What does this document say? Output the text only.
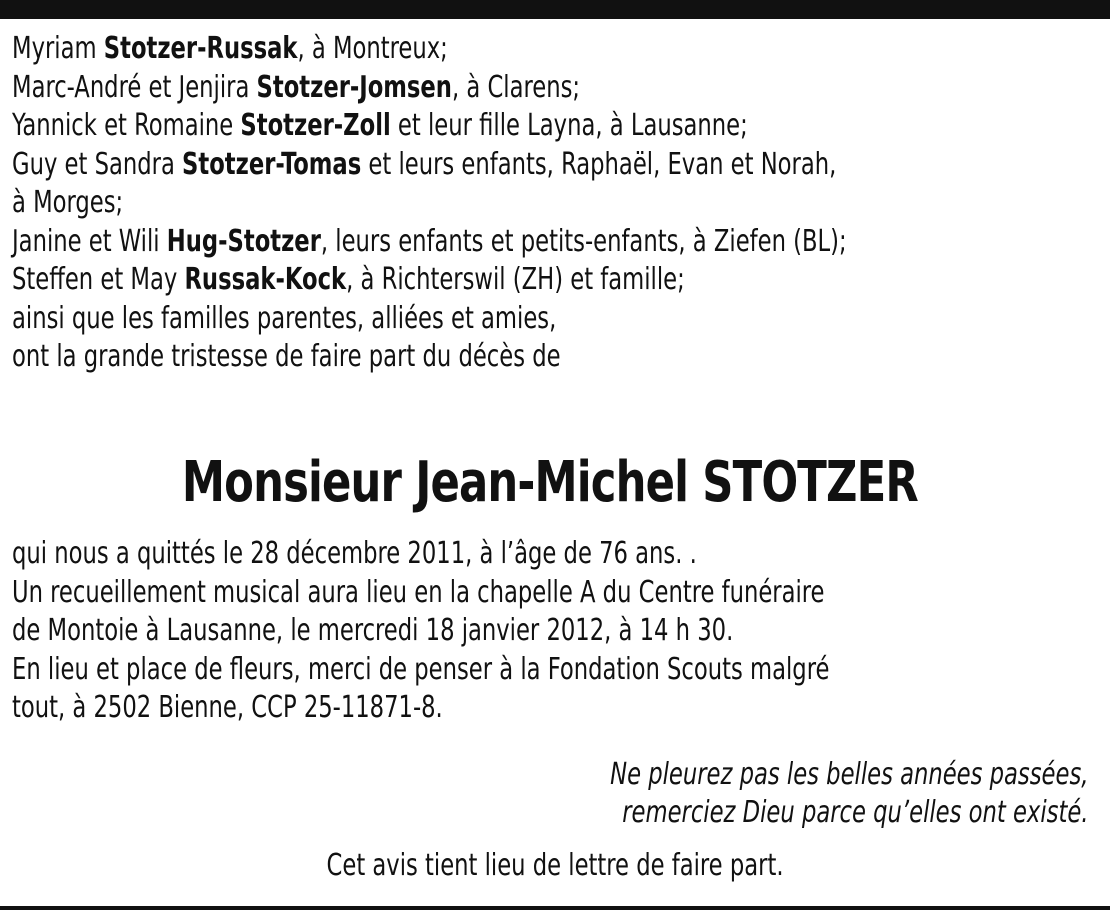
Myriam Stotzer-Russak, à Montreux;
Marc-André et Jenjira Stotzer-Jomsen, à Clarens;
Yannick et Romaine Stotzer-Zoll et leur fille Layna, à Lausanne;
Guy et Sandra Stotzer-Tomas et leurs enfants, Raphaël, Evan et Norah,
à Morges;
Janine et Wili Hug-Stotzer, leurs enfants et petits-enfants, à Ziefen (BL);
Steffen et May Russak-Kock, à Richterswil (ZH) et famille;
ainsi que les familles parentes, alliées et amies,
ont la grande tristesse de faire part du décès de
Monsieur Jean-Michel STOTZER
qui nous a quittés le 28 décembre 2011, à l’âge de 76 ans. .
Un recueillement musical aura lieu en la chapelle A du Centre funéraire
de Montoie à Lausanne, le mercredi 18 janvier 2012, à 14 h 30.
En lieu et place de fleurs, merci de penser à la Fondation Scouts malgré
tout, à 2502 Bienne, CCP 25-11871-8.
Ne pleurez pas les belles années passées,
remerciez Dieu parce qu’elles ont existé.
Cet avis tient lieu de lettre de faire part.
